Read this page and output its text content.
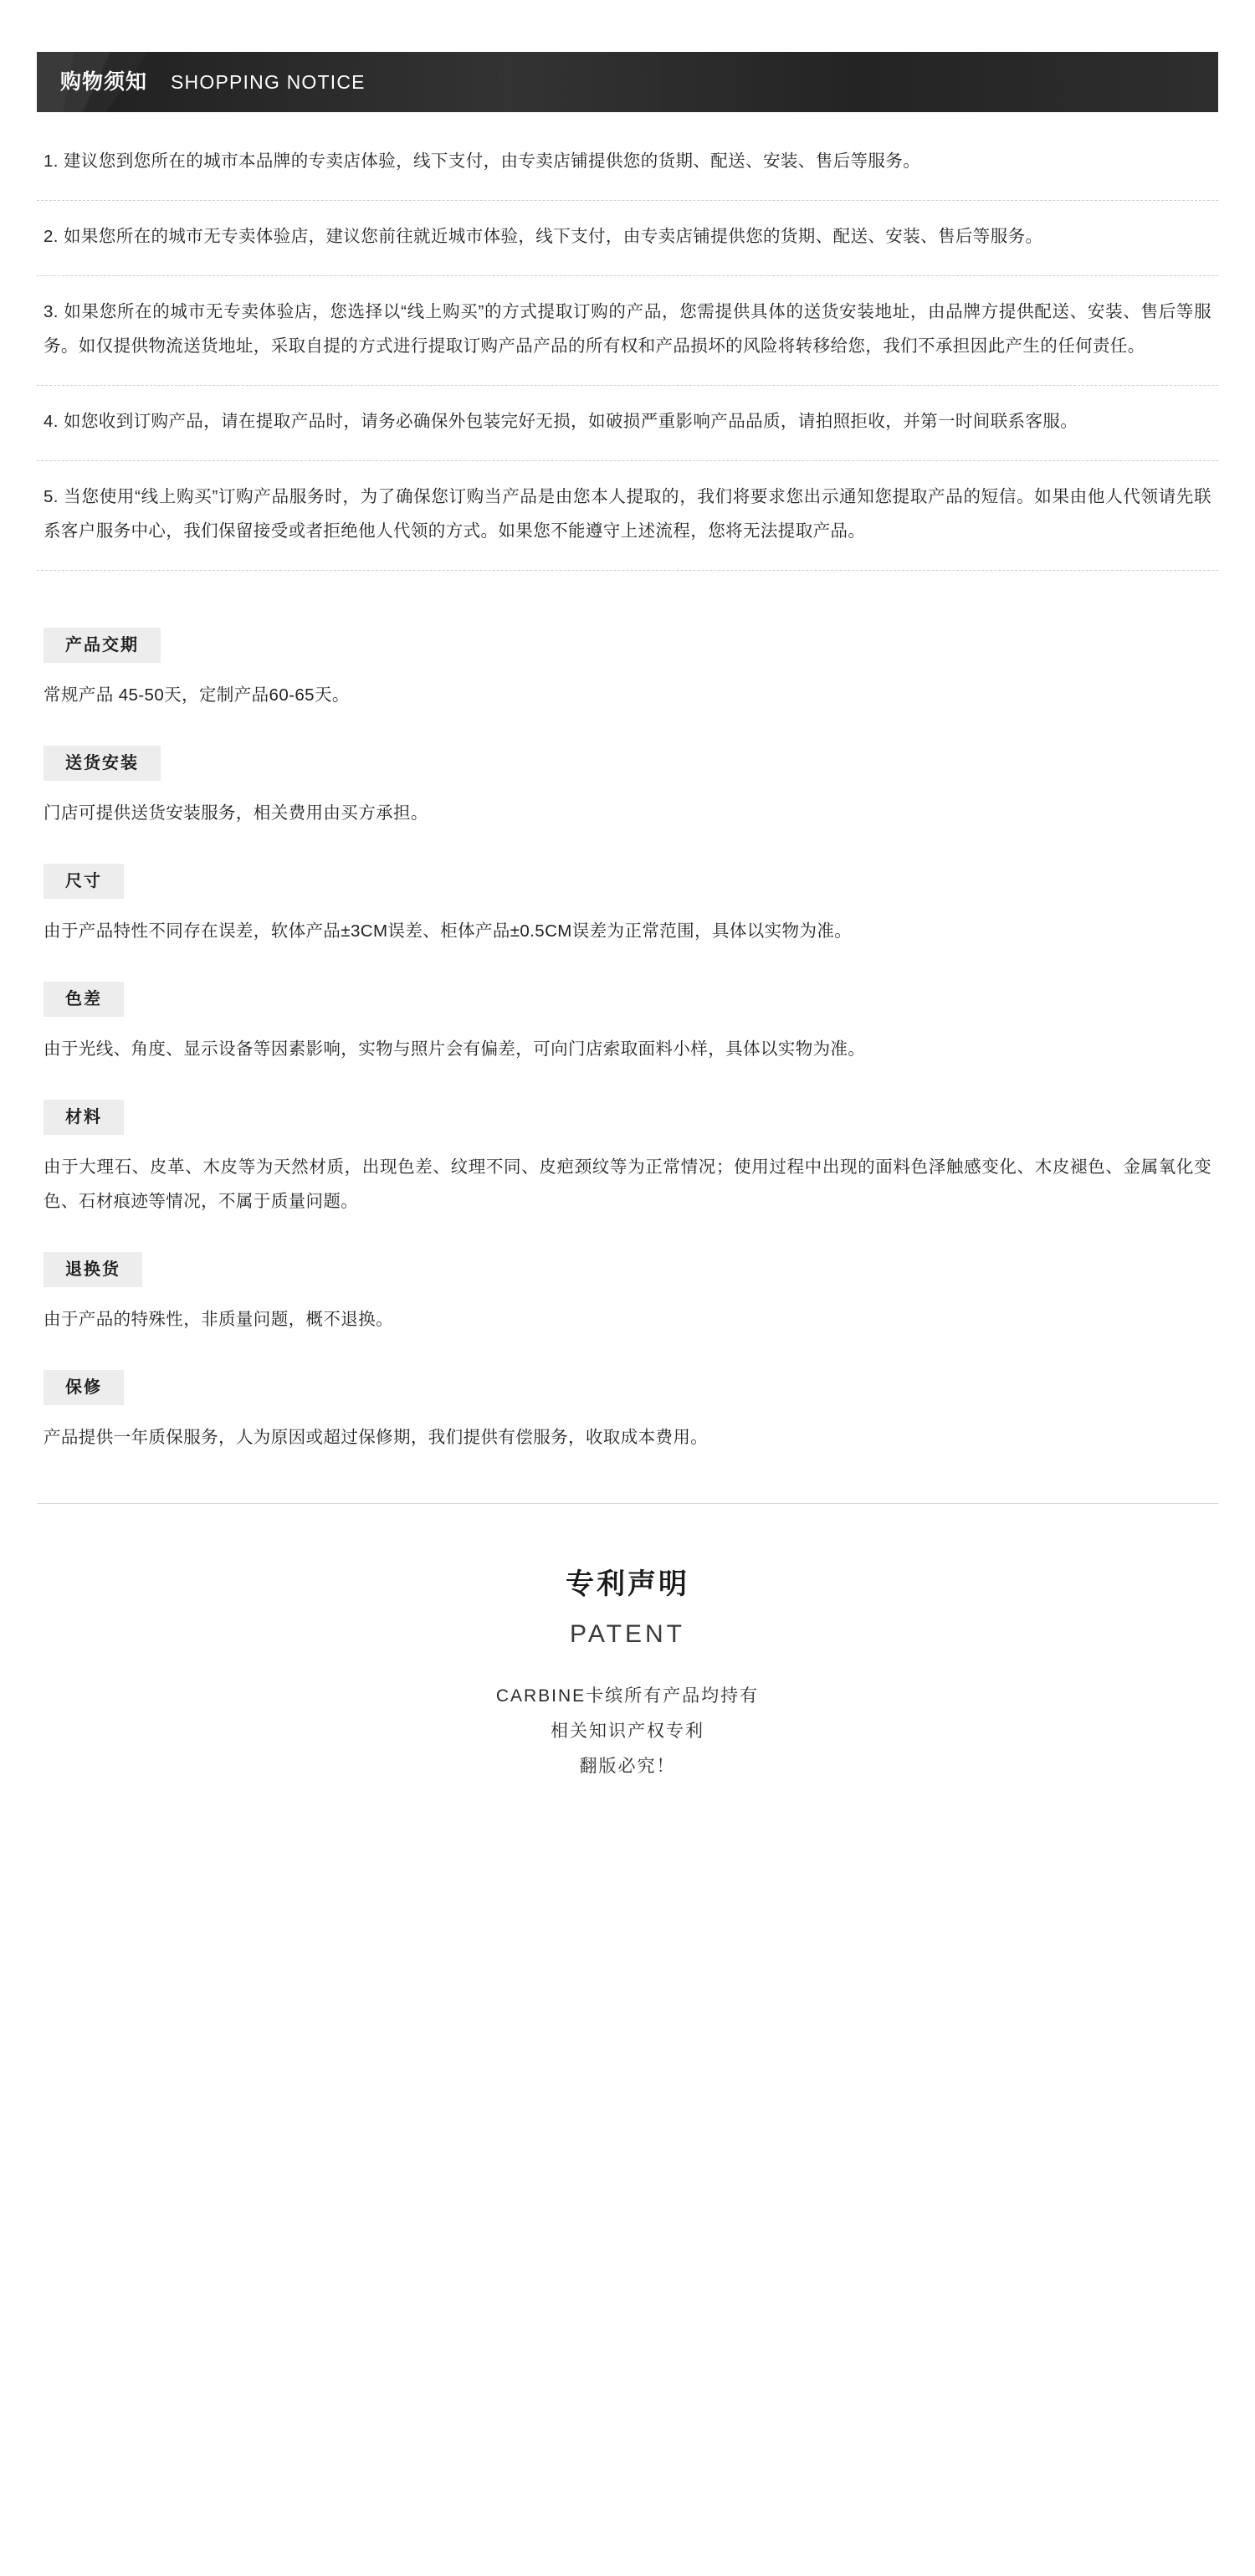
购物须知 SHOPPING NOTICE
1. 建议您到您所在的城市本品牌的专卖店体验，线下支付，由专卖店铺提供您的货期、配送、安装、售后等服务。
2. 如果您所在的城市无专卖体验店，建议您前往就近城市体验，线下支付，由专卖店铺提供您的货期、配送、安装、售后等服务。
3. 如果您所在的城市无专卖体验店，您选择以“线上购买”的方式提取订购的产品，您需提供具体的送货安装地址，由品牌方提供配送、安装、售后等服务。如仅提供物流送货地址，采取自提的方式进行提取订购产品产品的所有权和产品损坏的风险将转移给您，我们不承担因此产生的任何责任。
4. 如您收到订购产品，请在提取产品时，请务必确保外包装完好无损，如破损严重影响产品品质，请拍照拒收，并第一时间联系客服。
5. 当您使用“线上购买”订购产品服务时，为了确保您订购当产品是由您本人提取的，我们将要求您出示通知您提取产品的短信。如果由他人代领请先联系客户服务中心，我们保留接受或者拒绝他人代领的方式。如果您不能遵守上述流程，您将无法提取产品。
产品交期
常规产品 45-50天，定制产品60-65天。
送货安装
门店可提供送货安装服务，相关费用由买方承担。
尺寸
由于产品特性不同存在误差，软体产品±3CM误差、柜体产品±0.5CM误差为正常范围，具体以实物为准。
色差
由于光线、角度、显示设备等因素影响，实物与照片会有偏差，可向门店索取面料小样，具体以实物为准。
材料
由于大理石、皮革、木皮等为天然材质，出现色差、纹理不同、皮疤颈纹等为正常情况；使用过程中出现的面料色泽触感变化、木皮褪色、金属氧化变色、石材痕迹等情况，不属于质量问题。
退换货
由于产品的特殊性，非质量问题，概不退换。
保修
产品提供一年质保服务，人为原因或超过保修期，我们提供有偿服务，收取成本费用。
专利声明
PATENT
CARBINE卡缤所有产品均持有
相关知识产权专利
翻版必究！
